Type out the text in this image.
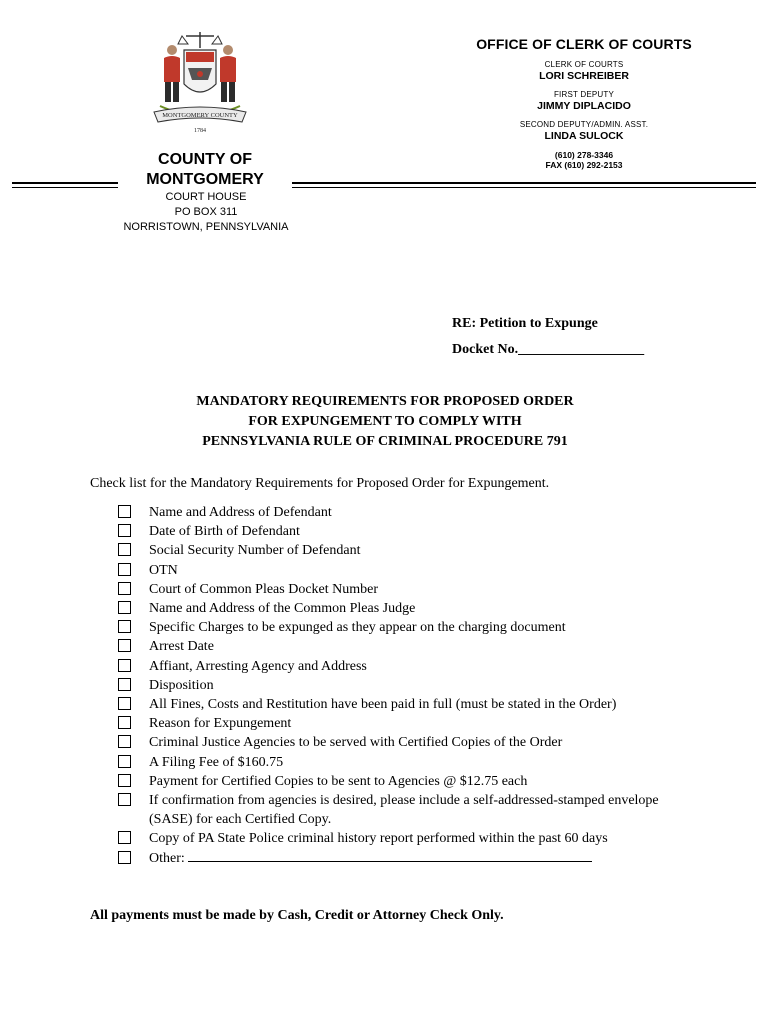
MONTGOMERY COUNTY
1784
OFFICE OF CLERK OF COURTS
CLERK OF COURTS
LORI SCHREIBER
FIRST DEPUTY
JIMMY DIPLACIDO
SECOND DEPUTY/ADMIN. ASST.
LINDA SULOCK
(610) 278-3346
FAX (610) 292-2153
COUNTY OF
MONTGOMERY
COURT HOUSE
PO BOX 311
NORRISTOWN, PENNSYLVANIA
RE: Petition to Expunge
Docket No.__________________
MANDATORY REQUIREMENTS FOR PROPOSED ORDER
FOR EXPUNGEMENT TO COMPLY WITH
PENNSYLVANIA RULE OF CRIMINAL PROCEDURE 791
Check list for the Mandatory Requirements for Proposed Order for Expungement.
Name and Address of Defendant
Date of Birth of Defendant
Social Security Number of Defendant
OTN
Court of Common Pleas Docket Number
Name and Address of the Common Pleas Judge
Specific Charges to be expunged as they appear on the charging document
Arrest Date
Affiant, Arresting Agency and Address
Disposition
All Fines, Costs and Restitution have been paid in full (must be stated in the Order)
Reason for Expungement
Criminal Justice Agencies to be served with Certified Copies of the Order
A Filing Fee of $160.75
Payment for Certified Copies to be sent to Agencies @ $12.75 each
If confirmation from agencies is desired, please include a self-addressed-stamped envelope (SASE) for each Certified Copy.
Copy of PA State Police criminal history report performed within the past 60 days
Other:
All payments must be made by Cash, Credit or Attorney Check Only.
